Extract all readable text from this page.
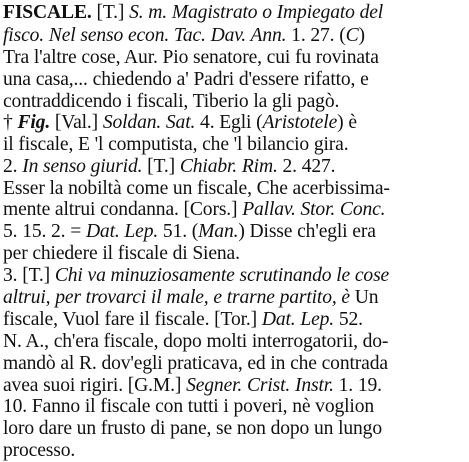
FISCALE. [T.] S. m. Magistrato o Impiegato del
fisco. Nel senso econ. Tac. Dav. Ann. 1. 27. (C)
Tra l'altre cose, Aur. Pio senatore, cui fu rovinata
una casa,... chiedendo a' Padri d'essere rifatto, e
contraddicendo i fiscali, Tiberio la gli pagò.
† Fig. [Val.] Soldan. Sat. 4. Egli (Aristotele) è
il fiscale, E 'l computista, che 'l bilancio gira.
2. In senso giurid. [T.] Chiabr. Rim. 2. 427.
Esser la nobiltà come un fiscale, Che acerbissima-
mente altrui condanna. [Cors.] Pallav. Stor. Conc.
5. 15. 2. = Dat. Lep. 51. (Man.) Disse ch'egli era
per chiedere il fiscale di Siena.
3. [T.] Chi va minuziosamente scrutinando le cose
altrui, per trovarci il male, e trarne partito, è Un
fiscale, Vuol fare il fiscale. [Tor.] Dat. Lep. 52.
N. A., ch'era fiscale, dopo molti interrogatorii, do-
mandò al R. dov'egli praticava, ed in che contrada
avea suoi rigiri. [G.M.] Segner. Crist. Instr. 1. 19.
10. Fanno il fiscale con tutti i poveri, nè voglion
loro dare un frusto di pane, se non dopo un lungo
processo.
